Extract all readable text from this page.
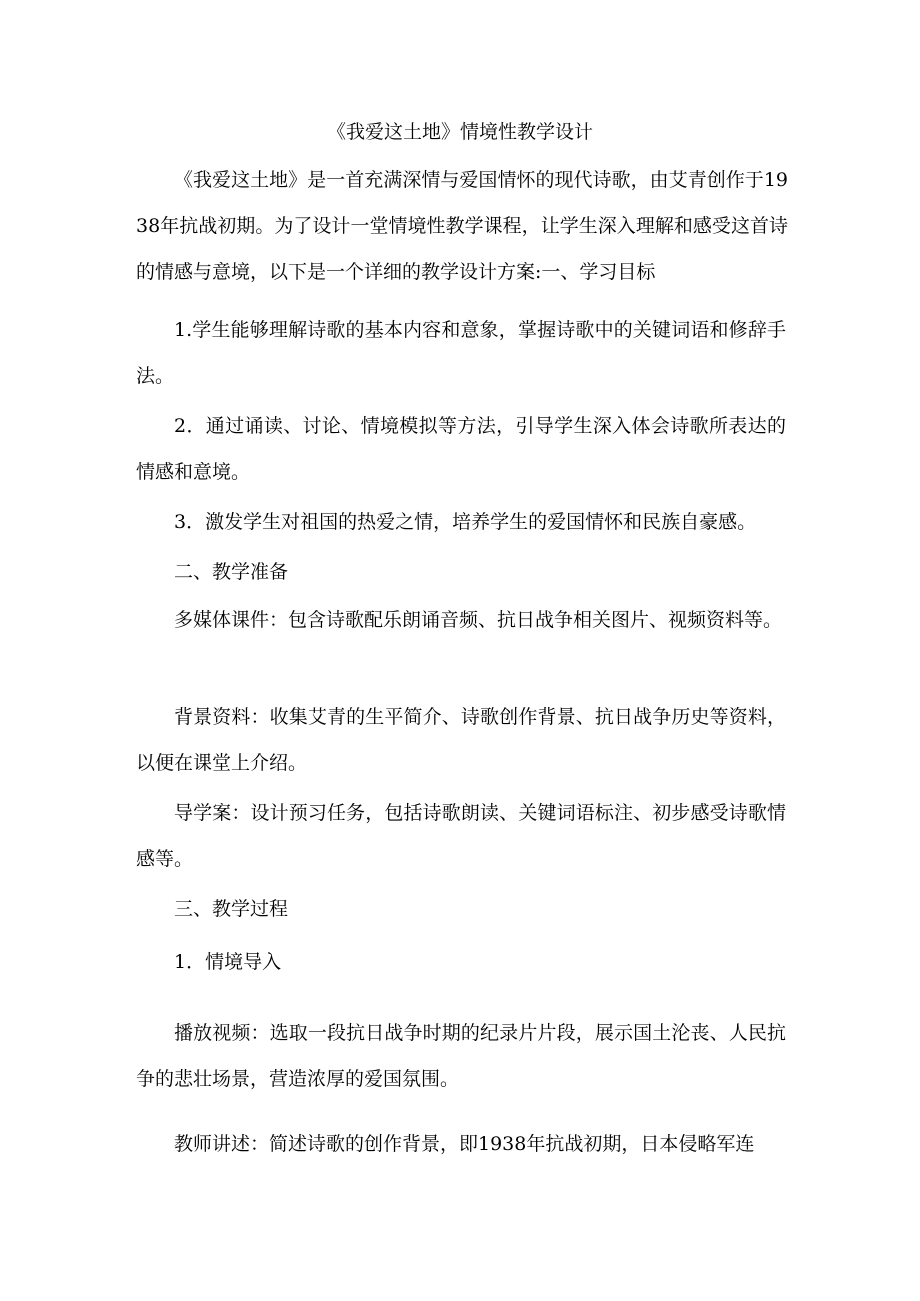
《我爱这土地》情境性教学设计

《我爱这土地》是一首充满深情与爱国情怀的现代诗歌，由艾青创作于1938年抗战初期。为了设计一堂情境性教学课程，让学生深入理解和感受这首诗的情感与意境，以下是一个详细的教学设计方案:一、学习目标

1.学生能够理解诗歌的基本内容和意象，掌握诗歌中的关键词语和修辞手法。

2．通过诵读、讨论、情境模拟等方法，引导学生深入体会诗歌所表达的情感和意境。

3．激发学生对祖国的热爱之情，培养学生的爱国情怀和民族自豪感。

二、教学准备

多媒体课件：包含诗歌配乐朗诵音频、抗日战争相关图片、视频资料等。

背景资料：收集艾青的生平简介、诗歌创作背景、抗日战争历史等资料，以便在课堂上介绍。

导学案：设计预习任务，包括诗歌朗读、关键词语标注、初步感受诗歌情感等。

三、教学过程

1．情境导入

播放视频：选取一段抗日战争时期的纪录片片段，展示国土沦丧、人民抗争的悲壮场景，营造浓厚的爱国氛围。

教师讲述：简述诗歌的创作背景，即1938年抗战初期，日本侵略军连
